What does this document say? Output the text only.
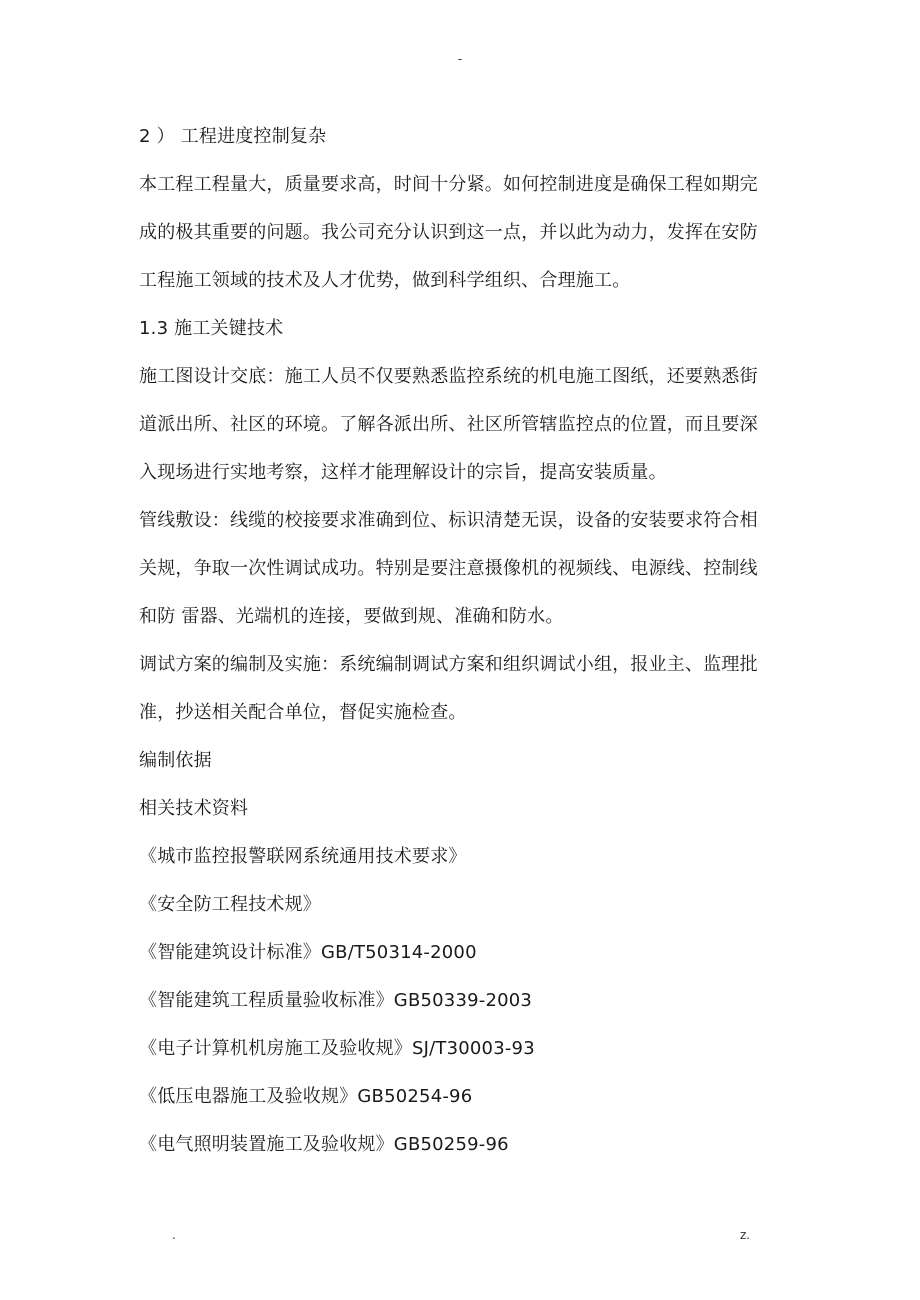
-
2 ） 工程进度控制复杂
本工程工程量大，质量要求高，时间十分紧。如何控制进度是确保工程如期完
成的极其重要的问题。我公司充分认识到这一点，并以此为动力，发挥在安防
工程施工领域的技术及人才优势，做到科学组织、合理施工。
1.3 施工关键技术
施工图设计交底：施工人员不仅要熟悉监控系统的机电施工图纸，还要熟悉街
道派出所、社区的环境。了解各派出所、社区所管辖监控点的位置，而且要深
入现场进行实地考察，这样才能理解设计的宗旨，提高安装质量。
管线敷设：线缆的校接要求准确到位、标识清楚无误，设备的安装要求符合相
关规，争取一次性调试成功。特别是要注意摄像机的视频线、电源线、控制线
和防 雷器、光端机的连接，要做到规、准确和防水。
调试方案的编制及实施：系统编制调试方案和组织调试小组，报业主、监理批
准，抄送相关配合单位，督促实施检查。
编制依据
相关技术资料
《城市监控报警联网系统通用技术要求》
《安全防工程技术规》
《智能建筑设计标准》GB/T50314-2000
《智能建筑工程质量验收标准》GB50339-2003
《电子计算机机房施工及验收规》SJ/T30003-93
《低压电器施工及验收规》GB50254-96
《电气照明装置施工及验收规》GB50259-96
.	z.
